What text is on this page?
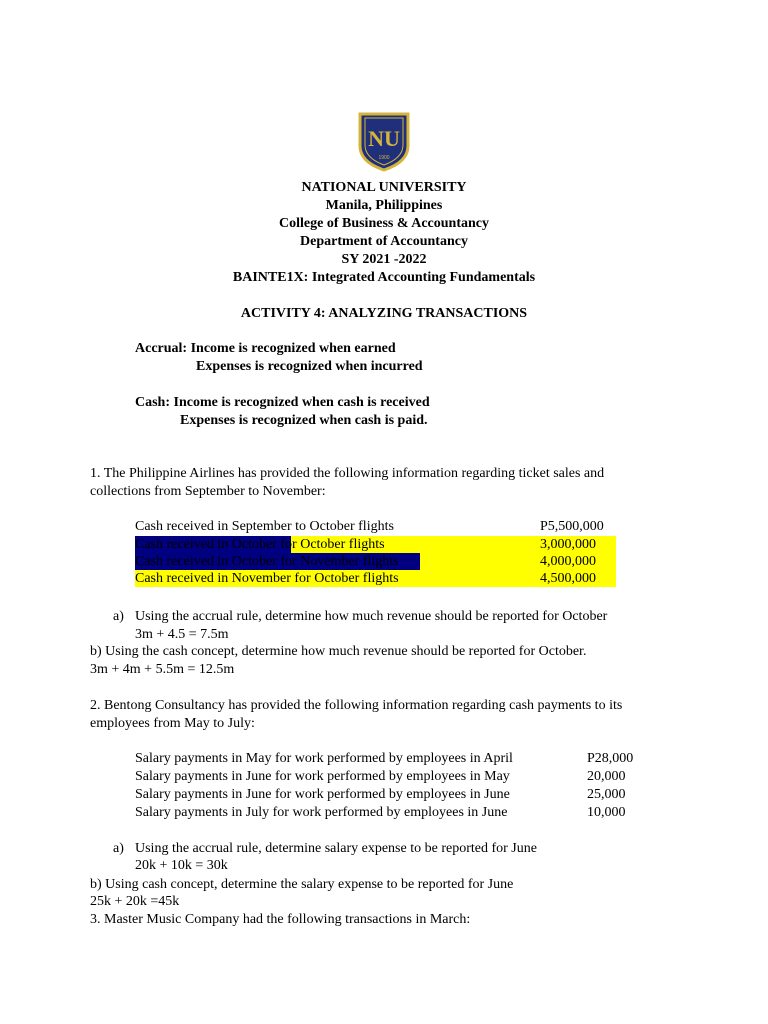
NU
1900
NATIONAL UNIVERSITY
Manila, Philippines
College of Business & Accountancy
Department of Accountancy
SY 2021 -2022
BAINTE1X: Integrated Accounting Fundamentals
ACTIVITY 4: ANALYZING TRANSACTIONS
Accrual: Income is recognized when earned
Expenses is recognized when incurred
Cash: Income is recognized when cash is received
Expenses is recognized when cash is paid.
1. The Philippine Airlines has provided the following information regarding ticket sales and
collections from September to November:
Cash received in September to October flights	P5,500,000
Cash received in October for October flights	3,000,000
Cash received in October for November flights	4,000,000
Cash received in November for October flights	4,500,000
a) Using the accrual rule, determine how much revenue should be reported for October
3m + 4.5 = 7.5m
b) Using the cash concept, determine how much revenue should be reported for October.
3m + 4m + 5.5m = 12.5m
2. Bentong Consultancy has provided the following information regarding cash payments to its
employees from May to July:
Salary payments in May for work performed by employees in April	P28,000
Salary payments in June for work performed by employees in May	20,000
Salary payments in June for work performed by employees in June	25,000
Salary payments in July for work performed by employees in June	10,000
a) Using the accrual rule, determine salary expense to be reported for June
20k + 10k = 30k
b) Using cash concept, determine the salary expense to be reported for June
25k + 20k =45k
3. Master Music Company had the following transactions in March:
